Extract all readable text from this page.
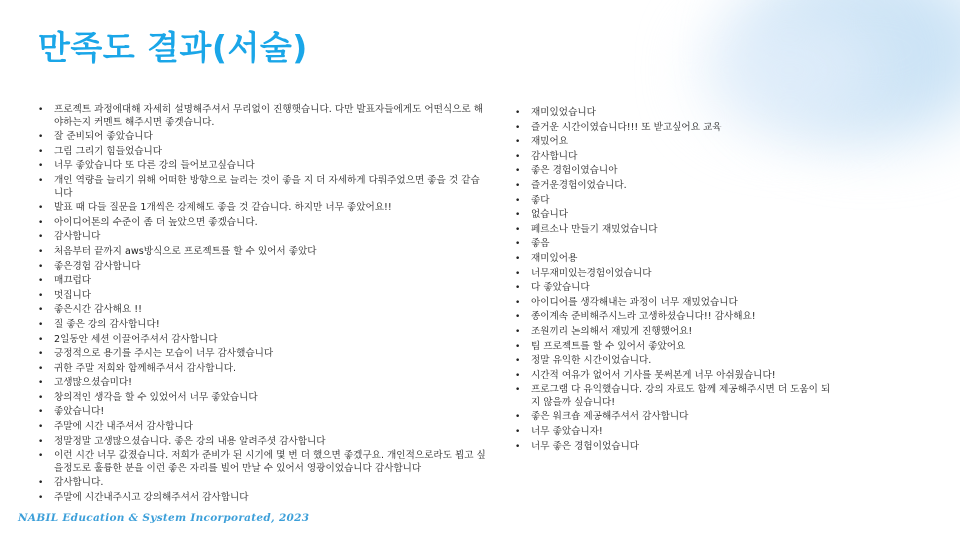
만족도 결과(서술)
• 프로젝트 과정에대해 자세히 설명해주셔서 무리없이 진행햇습니다. 다만 발표자들에게도 어떤식으로 해야하는지 커멘트 해주시면 좋겟습니다.
• 잘 준비되어 좋았습니다
• 그림 그리기 힘들었습니다
• 너무 좋았습니다 또 다른 강의 들어보고싶습니다
• 개인 역량을 늘리기 위해 어떠한 방향으로 늘리는 것이 좋을 지 더 자세하게 다뤄주었으면 좋을 것 같습니다
• 발표 때 다들 질문을 1개씩은 강제해도 좋을 것 같습니다. 하지만 너무 좋았어요!!
• 아이디어톤의 수준이 좀 더 높았으면 좋겠습니다.
• 감사합니다
• 처음부터 끝까지 aws방식으로 프로젝트를 할 수 있어서 좋았다
• 좋은경험 감사합니다
• 매끄럽다
• 멋집니다
• 좋은시간 감사해요 !!
• 질 좋은 강의 감사합니다!
• 2일동안 세션 이끌어주셔서 감사합니다
• 긍정적으로 용기를 주시는 모습이 너무 감사했습니다
• 귀한 주말 저희와 함께해주셔서 감사합니다.
• 고생많으셨습미다!
• 창의적인 생각을 할 수 있었어서 너무 좋았습니다
• 좋았습니다!
• 주말에 시간 내주셔서 감사합니다
• 정말정말 고생많으셨습니다. 좋은 강의 내용 알려주셧 감사합니다
• 이런 시간 너무 값졌습니다. 저희가 준비가 된 시기에 몇 번 더 했으면 좋겠구요. 개인적으로라도 뵙고 싶을정도로 훌륭한 분을 이런 좋은 자리를 빌어 만날 수 있어서 영광이었습니다 감사합니다
• 감사합니다.
• 주말에 시간내주시고 강의해주셔서 감사합니다
• 재미있었습니다
• 즐거운 시간이였습니다!!! 또 받고싶어요 교육
• 재밌어요
• 감사합니다
• 좋은 경험이였습니아
• 즐거운경험이었습니다.
• 좋다
• 없습니다
• 페르소나 만들기 재밌었습니다
• 좋음
• 재미있어용
• 너무재미있는경험이었습니다
• 다 좋았습니다
• 아이디어를 생각해내는 과정이 너무 재밌었습니다
• 종이계속 준비해주시느라 고생하셨습니다!! 감사해요!
• 조원끼리 논의해서 재밌게 진행했어요!
• 팀 프로젝트를 할 수 있어서 좋았어요
• 정말 유익한 시간이었습니다.
• 시간적 여유가 없어서 기사를 못써본게 너무 아쉬웠습니다!
• 프로그램 다 유익했습니다. 강의 자료도 함께 제공해주시면 더 도움이 되지 않을까 싶습니다!
• 좋은 워크숍 제공해주셔서 감사합니다
• 너무 좋았습니자!
• 너무 좋은 경험이었습니다
NABIL Education & System Incorporated, 2023
